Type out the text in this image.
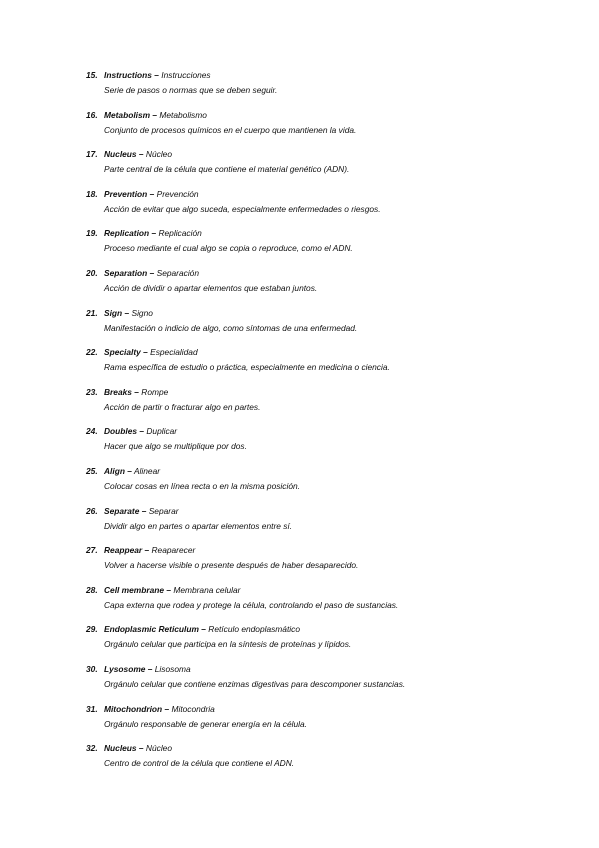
15. Instructions – Instrucciones
Serie de pasos o normas que se deben seguir.
16. Metabolism – Metabolismo
Conjunto de procesos químicos en el cuerpo que mantienen la vida.
17. Nucleus – Núcleo
Parte central de la célula que contiene el material genético (ADN).
18. Prevention – Prevención
Acción de evitar que algo suceda, especialmente enfermedades o riesgos.
19. Replication – Replicación
Proceso mediante el cual algo se copia o reproduce, como el ADN.
20. Separation – Separación
Acción de dividir o apartar elementos que estaban juntos.
21. Sign – Signo
Manifestación o indicio de algo, como síntomas de una enfermedad.
22. Specialty – Especialidad
Rama específica de estudio o práctica, especialmente en medicina o ciencia.
23. Breaks – Rompe
Acción de partir o fracturar algo en partes.
24. Doubles – Duplicar
Hacer que algo se multiplique por dos.
25. Align – Alinear
Colocar cosas en línea recta o en la misma posición.
26. Separate – Separar
Dividir algo en partes o apartar elementos entre sí.
27. Reappear – Reaparecer
Volver a hacerse visible o presente después de haber desaparecido.
28. Cell membrane – Membrana celular
Capa externa que rodea y protege la célula, controlando el paso de sustancias.
29. Endoplasmic Reticulum – Retículo endoplasmático
Orgánulo celular que participa en la síntesis de proteínas y lípidos.
30. Lysosome – Lisosoma
Orgánulo celular que contiene enzimas digestivas para descomponer sustancias.
31. Mitochondrion – Mitocondria
Orgánulo responsable de generar energía en la célula.
32. Nucleus – Núcleo
Centro de control de la célula que contiene el ADN.
